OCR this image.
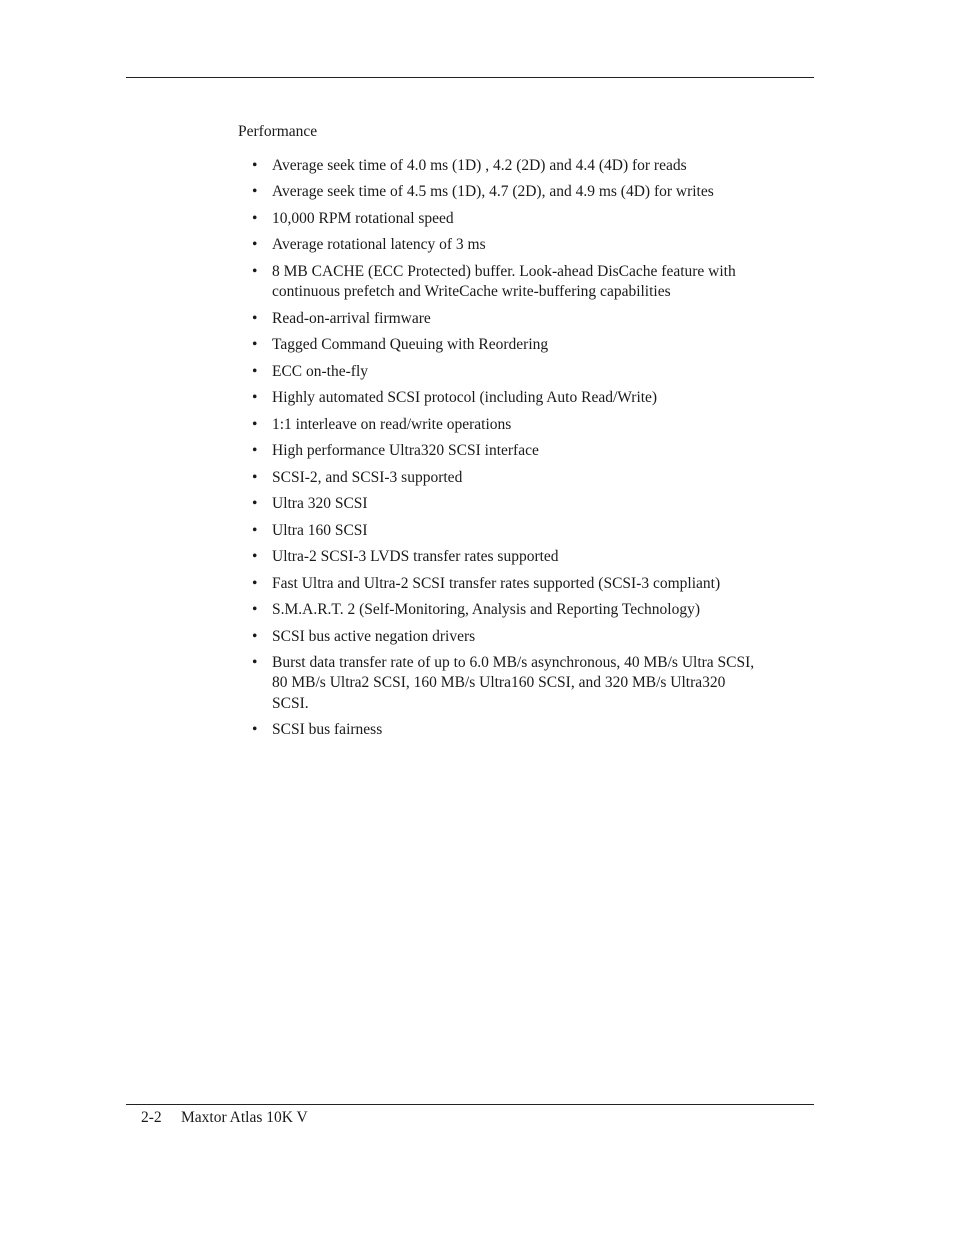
Performance
• Average seek time of 4.0 ms (1D) , 4.2 (2D) and 4.4 (4D) for reads
• Average seek time of 4.5 ms (1D), 4.7 (2D), and 4.9 ms (4D) for writes
• 10,000 RPM rotational speed
• Average rotational latency of 3 ms
• 8 MB CACHE (ECC Protected) buffer. Look-ahead DisCache feature with continuous prefetch and WriteCache write-buffering capabilities
• Read-on-arrival firmware
• Tagged Command Queuing with Reordering
• ECC on-the-fly
• Highly automated SCSI protocol (including Auto Read/Write)
• 1:1 interleave on read/write operations
• High performance Ultra320 SCSI interface
• SCSI-2, and SCSI-3 supported
• Ultra 320 SCSI
• Ultra 160 SCSI
• Ultra-2 SCSI-3 LVDS transfer rates supported
• Fast Ultra and Ultra-2 SCSI transfer rates supported (SCSI-3 compliant)
• S.M.A.R.T. 2 (Self-Monitoring, Analysis and Reporting Technology)
• SCSI bus active negation drivers
• Burst data transfer rate of up to 6.0 MB/s asynchronous, 40 MB/s Ultra SCSI, 80 MB/s Ultra2 SCSI, 160 MB/s Ultra160 SCSI, and 320 MB/s Ultra320 SCSI.
• SCSI bus fairness
2-2 Maxtor Atlas 10K V
